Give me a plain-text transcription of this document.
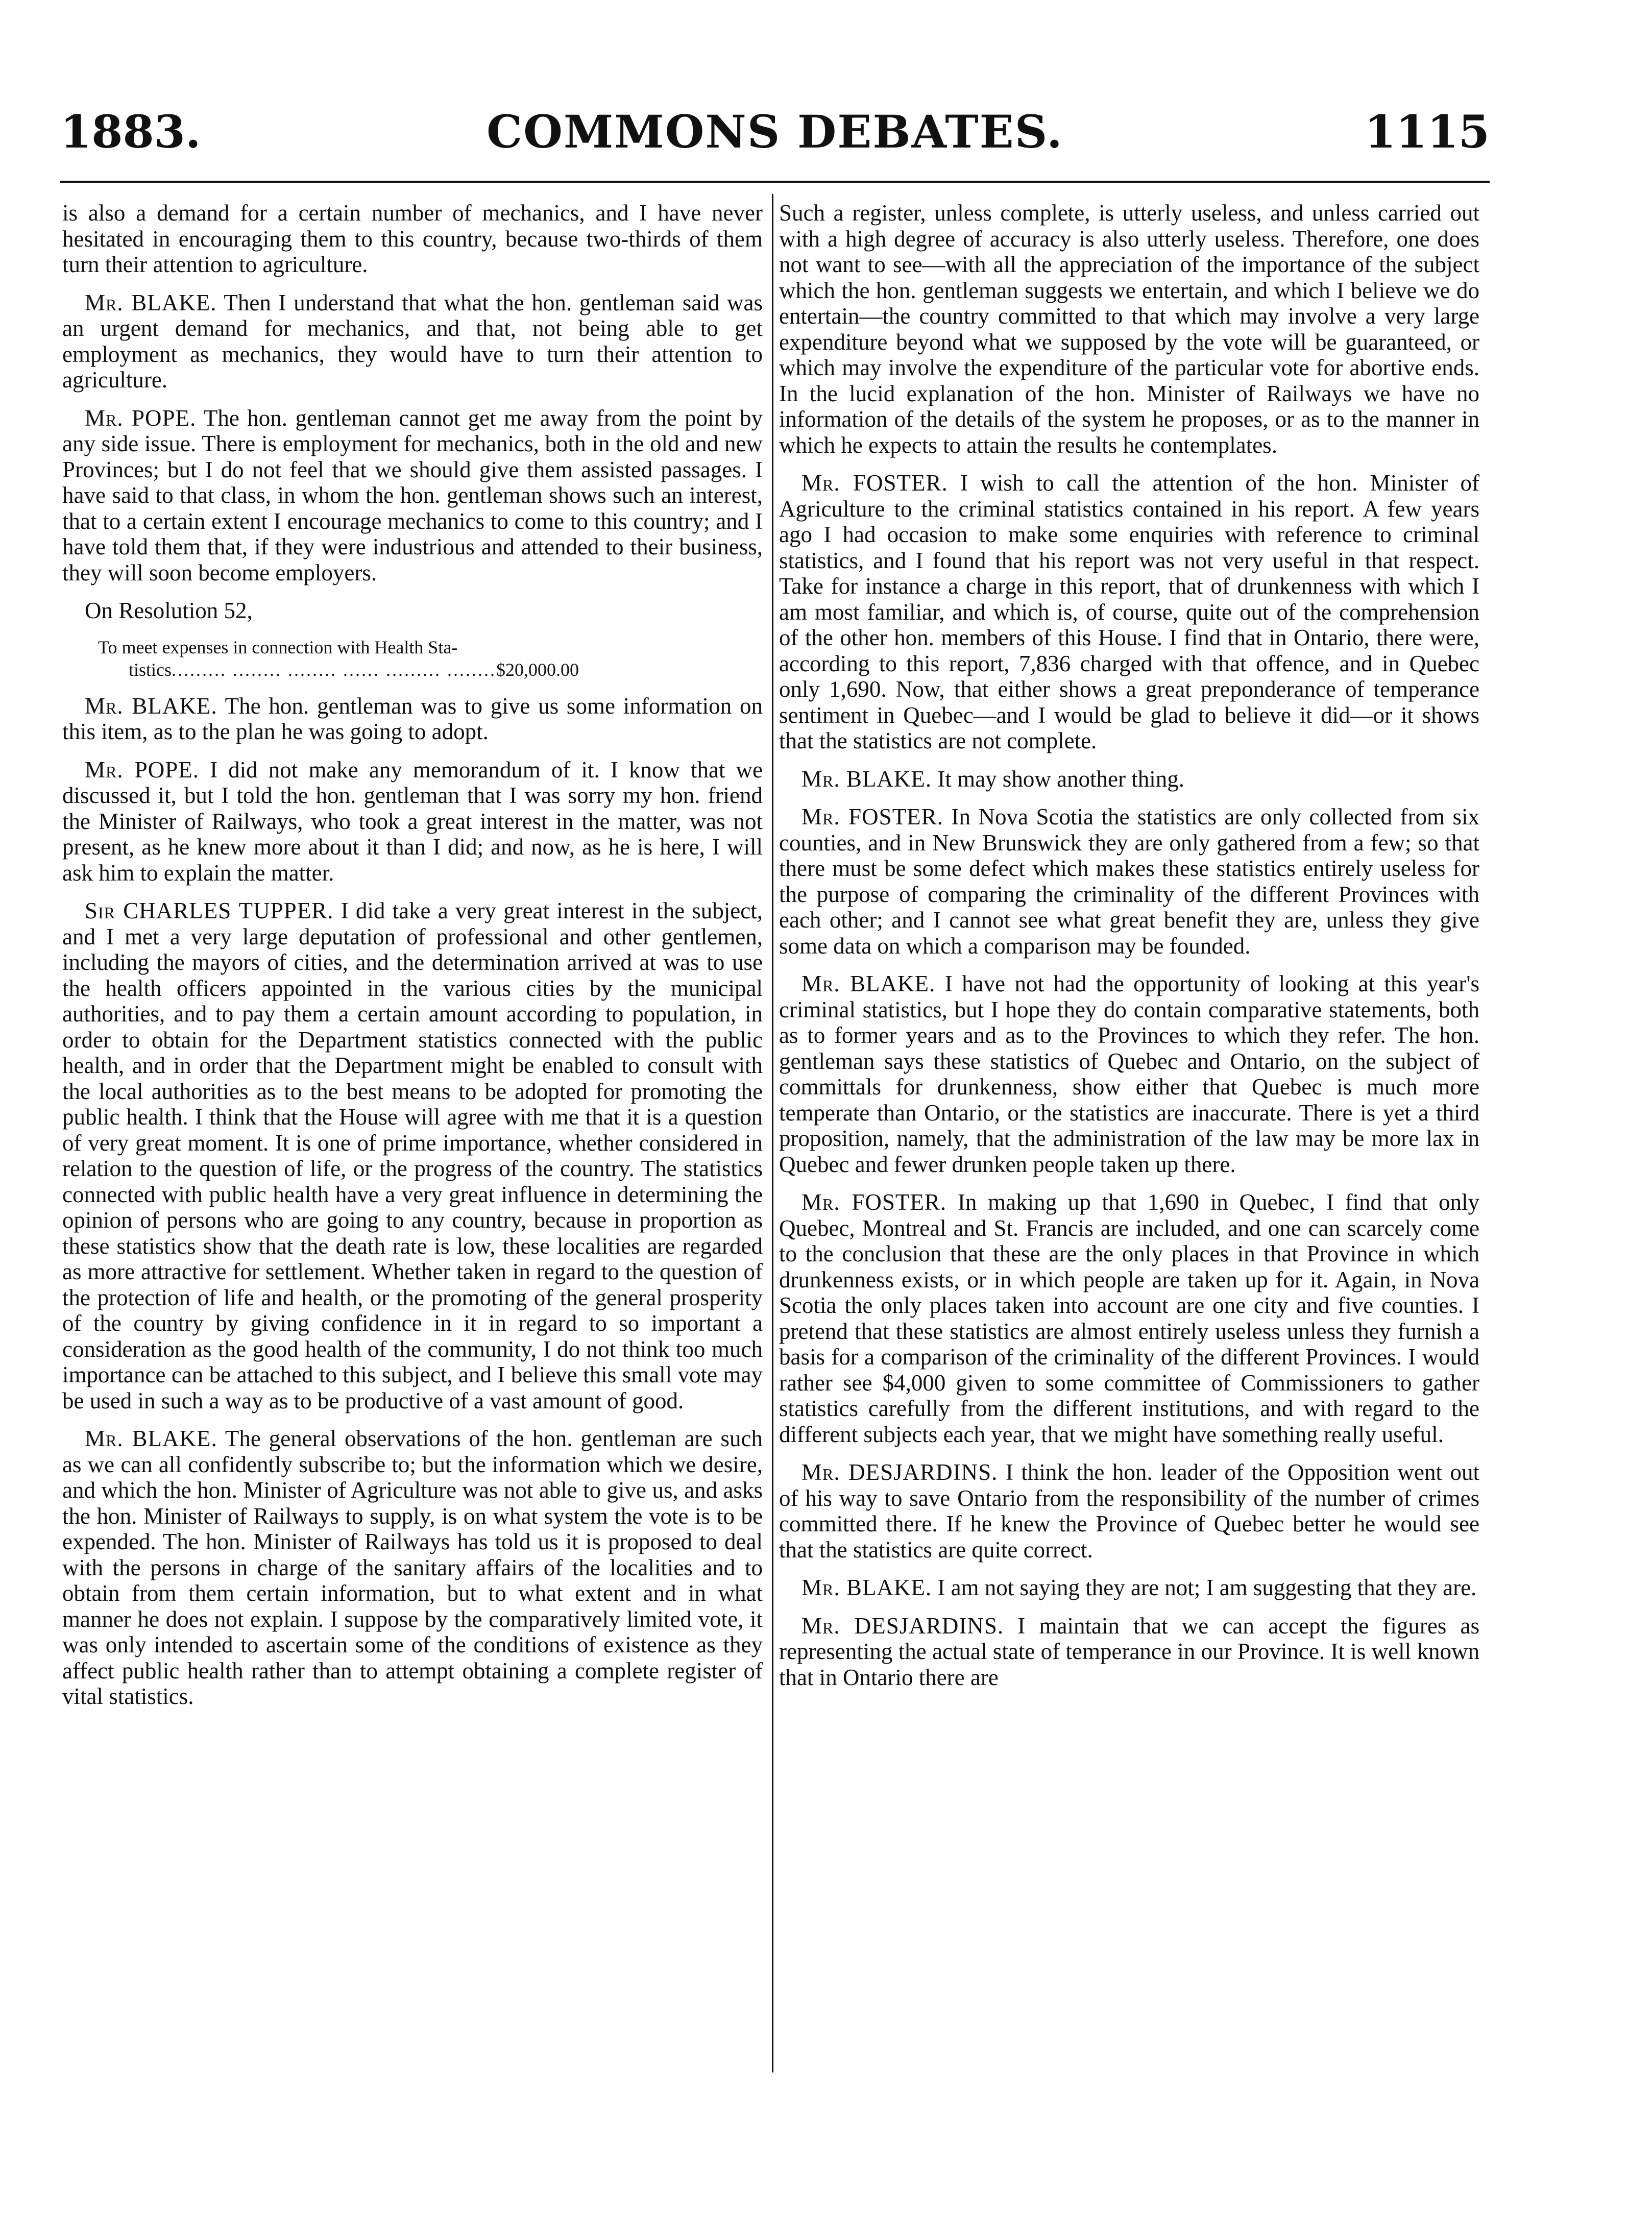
COMMONS DEBATES.
1883.	1115

is also a demand for a certain number of mechanics, and I have never hesitated in encouraging them to this country, because two-thirds of them turn their attention to agriculture.

Mr. BLAKE. Then I understand that what the hon. gentleman said was an urgent demand for mechanics, and that, not being able to get employment as mechanics, they would have to turn their attention to agriculture.

Mr. POPE. The hon. gentleman cannot get me away from the point by any side issue. There is employment for mechanics, both in the old and new Provinces; but I do not feel that we should give them assisted passages. I have said to that class, in whom the hon. gentleman shows such an interest, that to a certain extent I encourage mechanics to come to this country; and I have told them that, if they were industrious and attended to their business, they will soon become employers.

On Resolution 52,

To meet expenses in connection with Health Sta-
tistics......... ........ ........ ...... ......... ........$20,000.00

Mr. BLAKE. The hon. gentleman was to give us some information on this item, as to the plan he was going to adopt.

Mr. POPE. I did not make any memorandum of it. I know that we discussed it, but I told the hon. gentleman that I was sorry my hon. friend the Minister of Railways, who took a great interest in the matter, was not present, as he knew more about it than I did; and now, as he is here, I will ask him to explain the matter.

Sir CHARLES TUPPER. I did take a very great interest in the subject, and I met a very large deputation of professional and other gentlemen, including the mayors of cities, and the determination arrived at was to use the health officers appointed in the various cities by the municipal authorities, and to pay them a certain amount according to population, in order to obtain for the Department statistics connected with the public health, and in order that the Department might be enabled to consult with the local authorities as to the best means to be adopted for promoting the public health. I think that the House will agree with me that it is a question of very great moment. It is one of prime importance, whether considered in relation to the question of life, or the progress of the country. The statistics connected with public health have a very great influence in determining the opinion of persons who are going to any country, because in proportion as these statistics show that the death rate is low, these localities are regarded as more attractive for settlement. Whether taken in regard to the question of the protection of life and health, or the promoting of the general prosperity of the country by giving confidence in it in regard to so important a consideration as the good health of the community, I do not think too much importance can be attached to this subject, and I believe this small vote may be used in such a way as to be productive of a vast amount of good.

Mr. BLAKE. The general observations of the hon. gentleman are such as we can all confidently subscribe to; but the information which we desire, and which the hon. Minister of Agriculture was not able to give us, and asks the hon. Minister of Railways to supply, is on what system the vote is to be expended. The hon. Minister of Railways has told us it is proposed to deal with the persons in charge of the sanitary affairs of the localities and to obtain from them certain information, but to what extent and in what manner he does not explain. I suppose by the comparatively limited vote, it was only intended to ascertain some of the conditions of existence as they affect public health rather than to attempt obtaining a complete register of vital statistics.

Such a register, unless complete, is utterly useless, and unless carried out with a high degree of accuracy is also utterly useless. Therefore, one does not want to see—with all the appreciation of the importance of the subject which the hon. gentleman suggests we entertain, and which I believe we do entertain—the country committed to that which may involve a very large expenditure beyond what we supposed by the vote will be guaranteed, or which may involve the expenditure of the particular vote for abortive ends. In the lucid explanation of the hon. Minister of Railways we have no information of the details of the system he proposes, or as to the manner in which he expects to attain the results he contemplates.

Mr. FOSTER. I wish to call the attention of the hon. Minister of Agriculture to the criminal statistics contained in his report. A few years ago I had occasion to make some enquiries with reference to criminal statistics, and I found that his report was not very useful in that respect. Take for instance a charge in this report, that of drunkenness with which I am most familiar, and which is, of course, quite out of the comprehension of the other hon. members of this House. I find that in Ontario, there were, according to this report, 7,836 charged with that offence, and in Quebec only 1,690. Now, that either shows a great preponderance of temperance sentiment in Quebec—and I would be glad to believe it did—or it shows that the statistics are not complete.

Mr. BLAKE. It may show another thing.

Mr. FOSTER. In Nova Scotia the statistics are only collected from six counties, and in New Brunswick they are only gathered from a few; so that there must be some defect which makes these statistics entirely useless for the purpose of comparing the criminality of the different Provinces with each other; and I cannot see what great benefit they are, unless they give some data on which a comparison may be founded.

Mr. BLAKE. I have not had the opportunity of looking at this year's criminal statistics, but I hope they do contain comparative statements, both as to former years and as to the Provinces to which they refer. The hon. gentleman says these statistics of Quebec and Ontario, on the subject of committals for drunkenness, show either that Quebec is much more temperate than Ontario, or the statistics are inaccurate. There is yet a third proposition, namely, that the administration of the law may be more lax in Quebec and fewer drunken people taken up there.

Mr. FOSTER. In making up that 1,690 in Quebec, I find that only Quebec, Montreal and St. Francis are included, and one can scarcely come to the conclusion that these are the only places in that Province in which drunkenness exists, or in which people are taken up for it. Again, in Nova Scotia the only places taken into account are one city and five counties. I pretend that these statistics are almost entirely useless unless they furnish a basis for a comparison of the criminality of the different Provinces. I would rather see $4,000 given to some committee of Commissioners to gather statistics carefully from the different institutions, and with regard to the different subjects each year, that we might have something really useful.

Mr. DESJARDINS. I think the hon. leader of the Opposition went out of his way to save Ontario from the responsibility of the number of crimes committed there. If he knew the Province of Quebec better he would see that the statistics are quite correct.

Mr. BLAKE. I am not saying they are not; I am suggesting that they are.

Mr. DESJARDINS. I maintain that we can accept the figures as representing the actual state of temperance in our Province. It is well known that in Ontario there are
